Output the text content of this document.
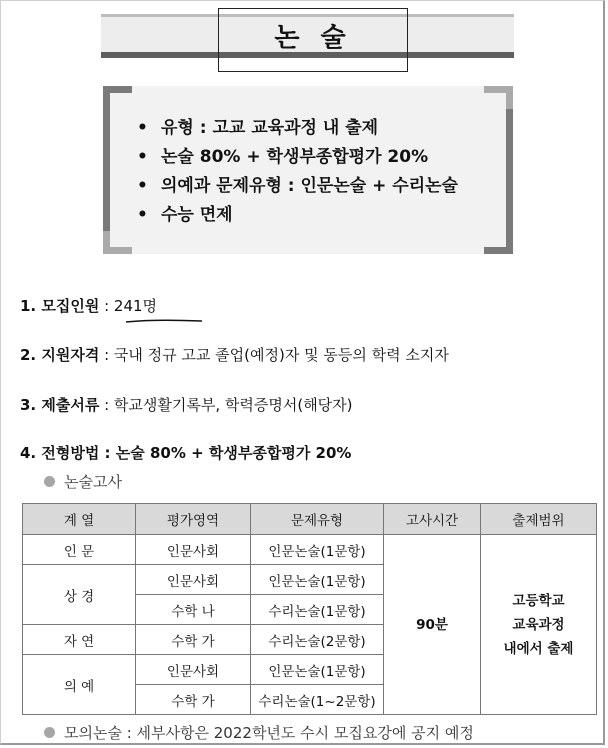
논 술
• 유형 : 고교 교육과정 내 출제
• 논술 80% + 학생부종합평가 20%
• 의예과 문제유형 : 인문논술 + 수리논술
• 수능 면제
1. 모집인원 : 241명
2. 지원자격 : 국내 정규 고교 졸업(예정)자 및 동등의 학력 소지자
3. 제출서류 : 학교생활기록부, 학력증명서(해당자)
4. 전형방법 : 논술 80% + 학생부종합평가 20%
논술고사
계 열	평가영역	문제유형	고사시간	출제범위
인 문	인문사회	인문논술(1문항)	90분	고등학교
교육과정
내에서 출제
상 경	인문사회	인문논술(1문항)		
	수학 나	수리논술(1문항)		
자 연	수학 가	수리논술(2문항)		
의 예	인문사회	인문논술(1문항)		
	수학 가	수리논술(1~2문항)		
모의논술 : 세부사항은 2022학년도 수시 모집요강에 공지 예정
